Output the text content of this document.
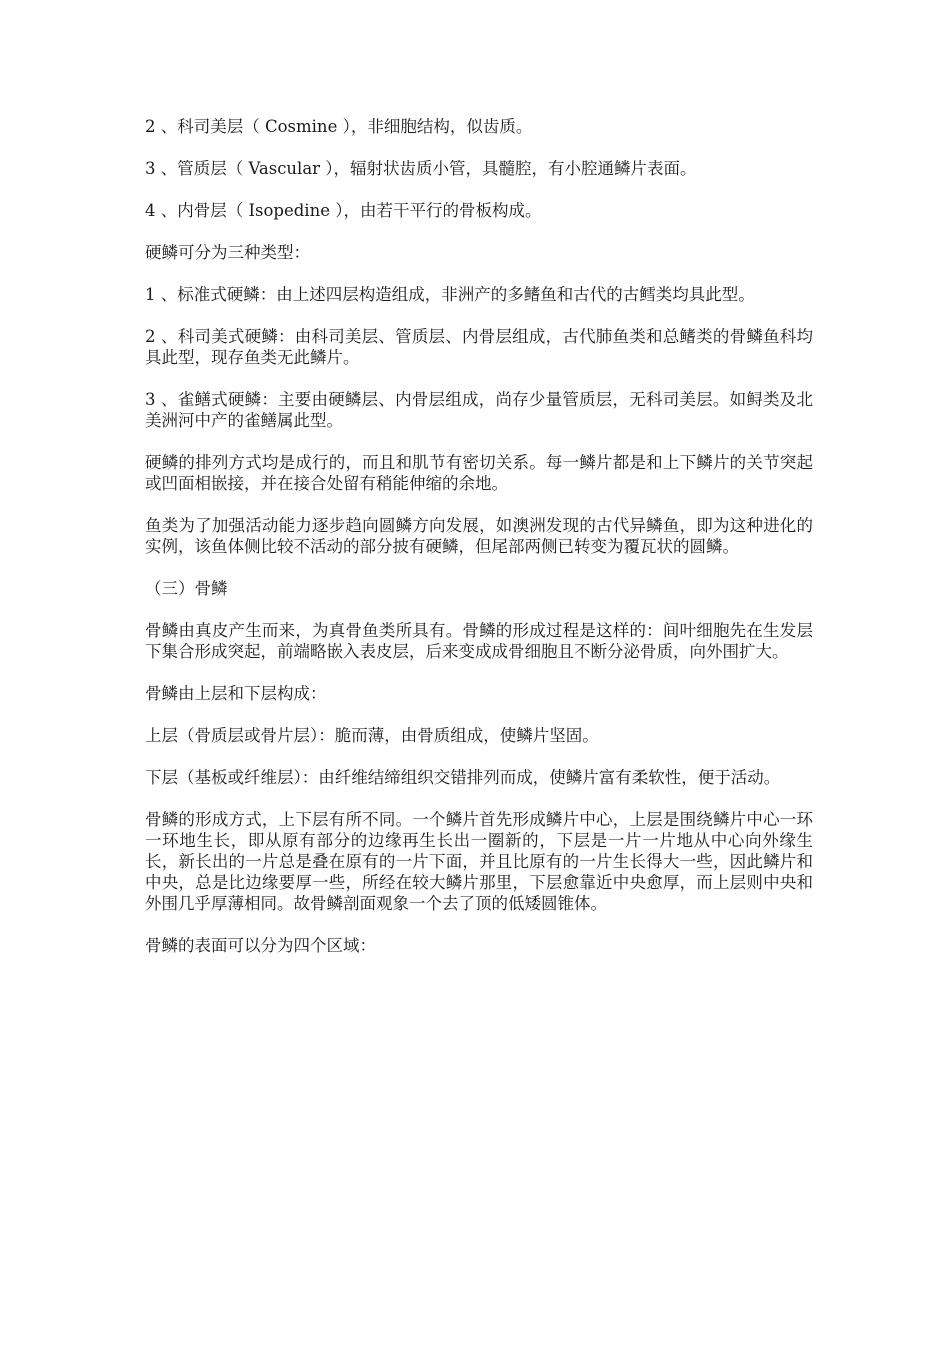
2 、科司美层（ Cosmine ），非细胞结构，似齿质。

3 、管质层（ Vascular ），辐射状齿质小管，具髓腔，有小腔通鳞片表面。

4 、内骨层（ Isopedine ），由若干平行的骨板构成。

硬鳞可分为三种类型：

1 、标准式硬鳞：由上述四层构造组成，非洲产的多鳍鱼和古代的古鳕类均具此型。

2 、科司美式硬鳞：由科司美层、管质层、内骨层组成，古代肺鱼类和总鳍类的骨鳞鱼科均具此型，现存鱼类无此鳞片。

3 、雀鳝式硬鳞：主要由硬鳞层、内骨层组成，尚存少量管质层，无科司美层。如鲟类及北美洲河中产的雀鳝属此型。

硬鳞的排列方式均是成行的，而且和肌节有密切关系。每一鳞片都是和上下鳞片的关节突起或凹面相嵌接，并在接合处留有稍能伸缩的余地。

鱼类为了加强活动能力逐步趋向圆鳞方向发展，如澳洲发现的古代异鳞鱼，即为这种进化的实例，该鱼体侧比较不活动的部分披有硬鳞，但尾部两侧已转变为覆瓦状的圆鳞。

（三）骨鳞

骨鳞由真皮产生而来，为真骨鱼类所具有。骨鳞的形成过程是这样的：间叶细胞先在生发层下集合形成突起，前端略嵌入表皮层，后来变成成骨细胞且不断分泌骨质，向外围扩大。

骨鳞由上层和下层构成：

上层（骨质层或骨片层）：脆而薄，由骨质组成，使鳞片坚固。

下层（基板或纤维层）：由纤维结缔组织交错排列而成，使鳞片富有柔软性，便于活动。

骨鳞的形成方式，上下层有所不同。一个鳞片首先形成鳞片中心，上层是围绕鳞片中心一环一环地生长，即从原有部分的边缘再生长出一圈新的，下层是一片一片地从中心向外缘生长，新长出的一片总是叠在原有的一片下面，并且比原有的一片生长得大一些，因此鳞片和中央，总是比边缘要厚一些，所经在较大鳞片那里，下层愈靠近中央愈厚，而上层则中央和外围几乎厚薄相同。故骨鳞剖面观象一个去了顶的低矮圆锥体。

骨鳞的表面可以分为四个区域：
